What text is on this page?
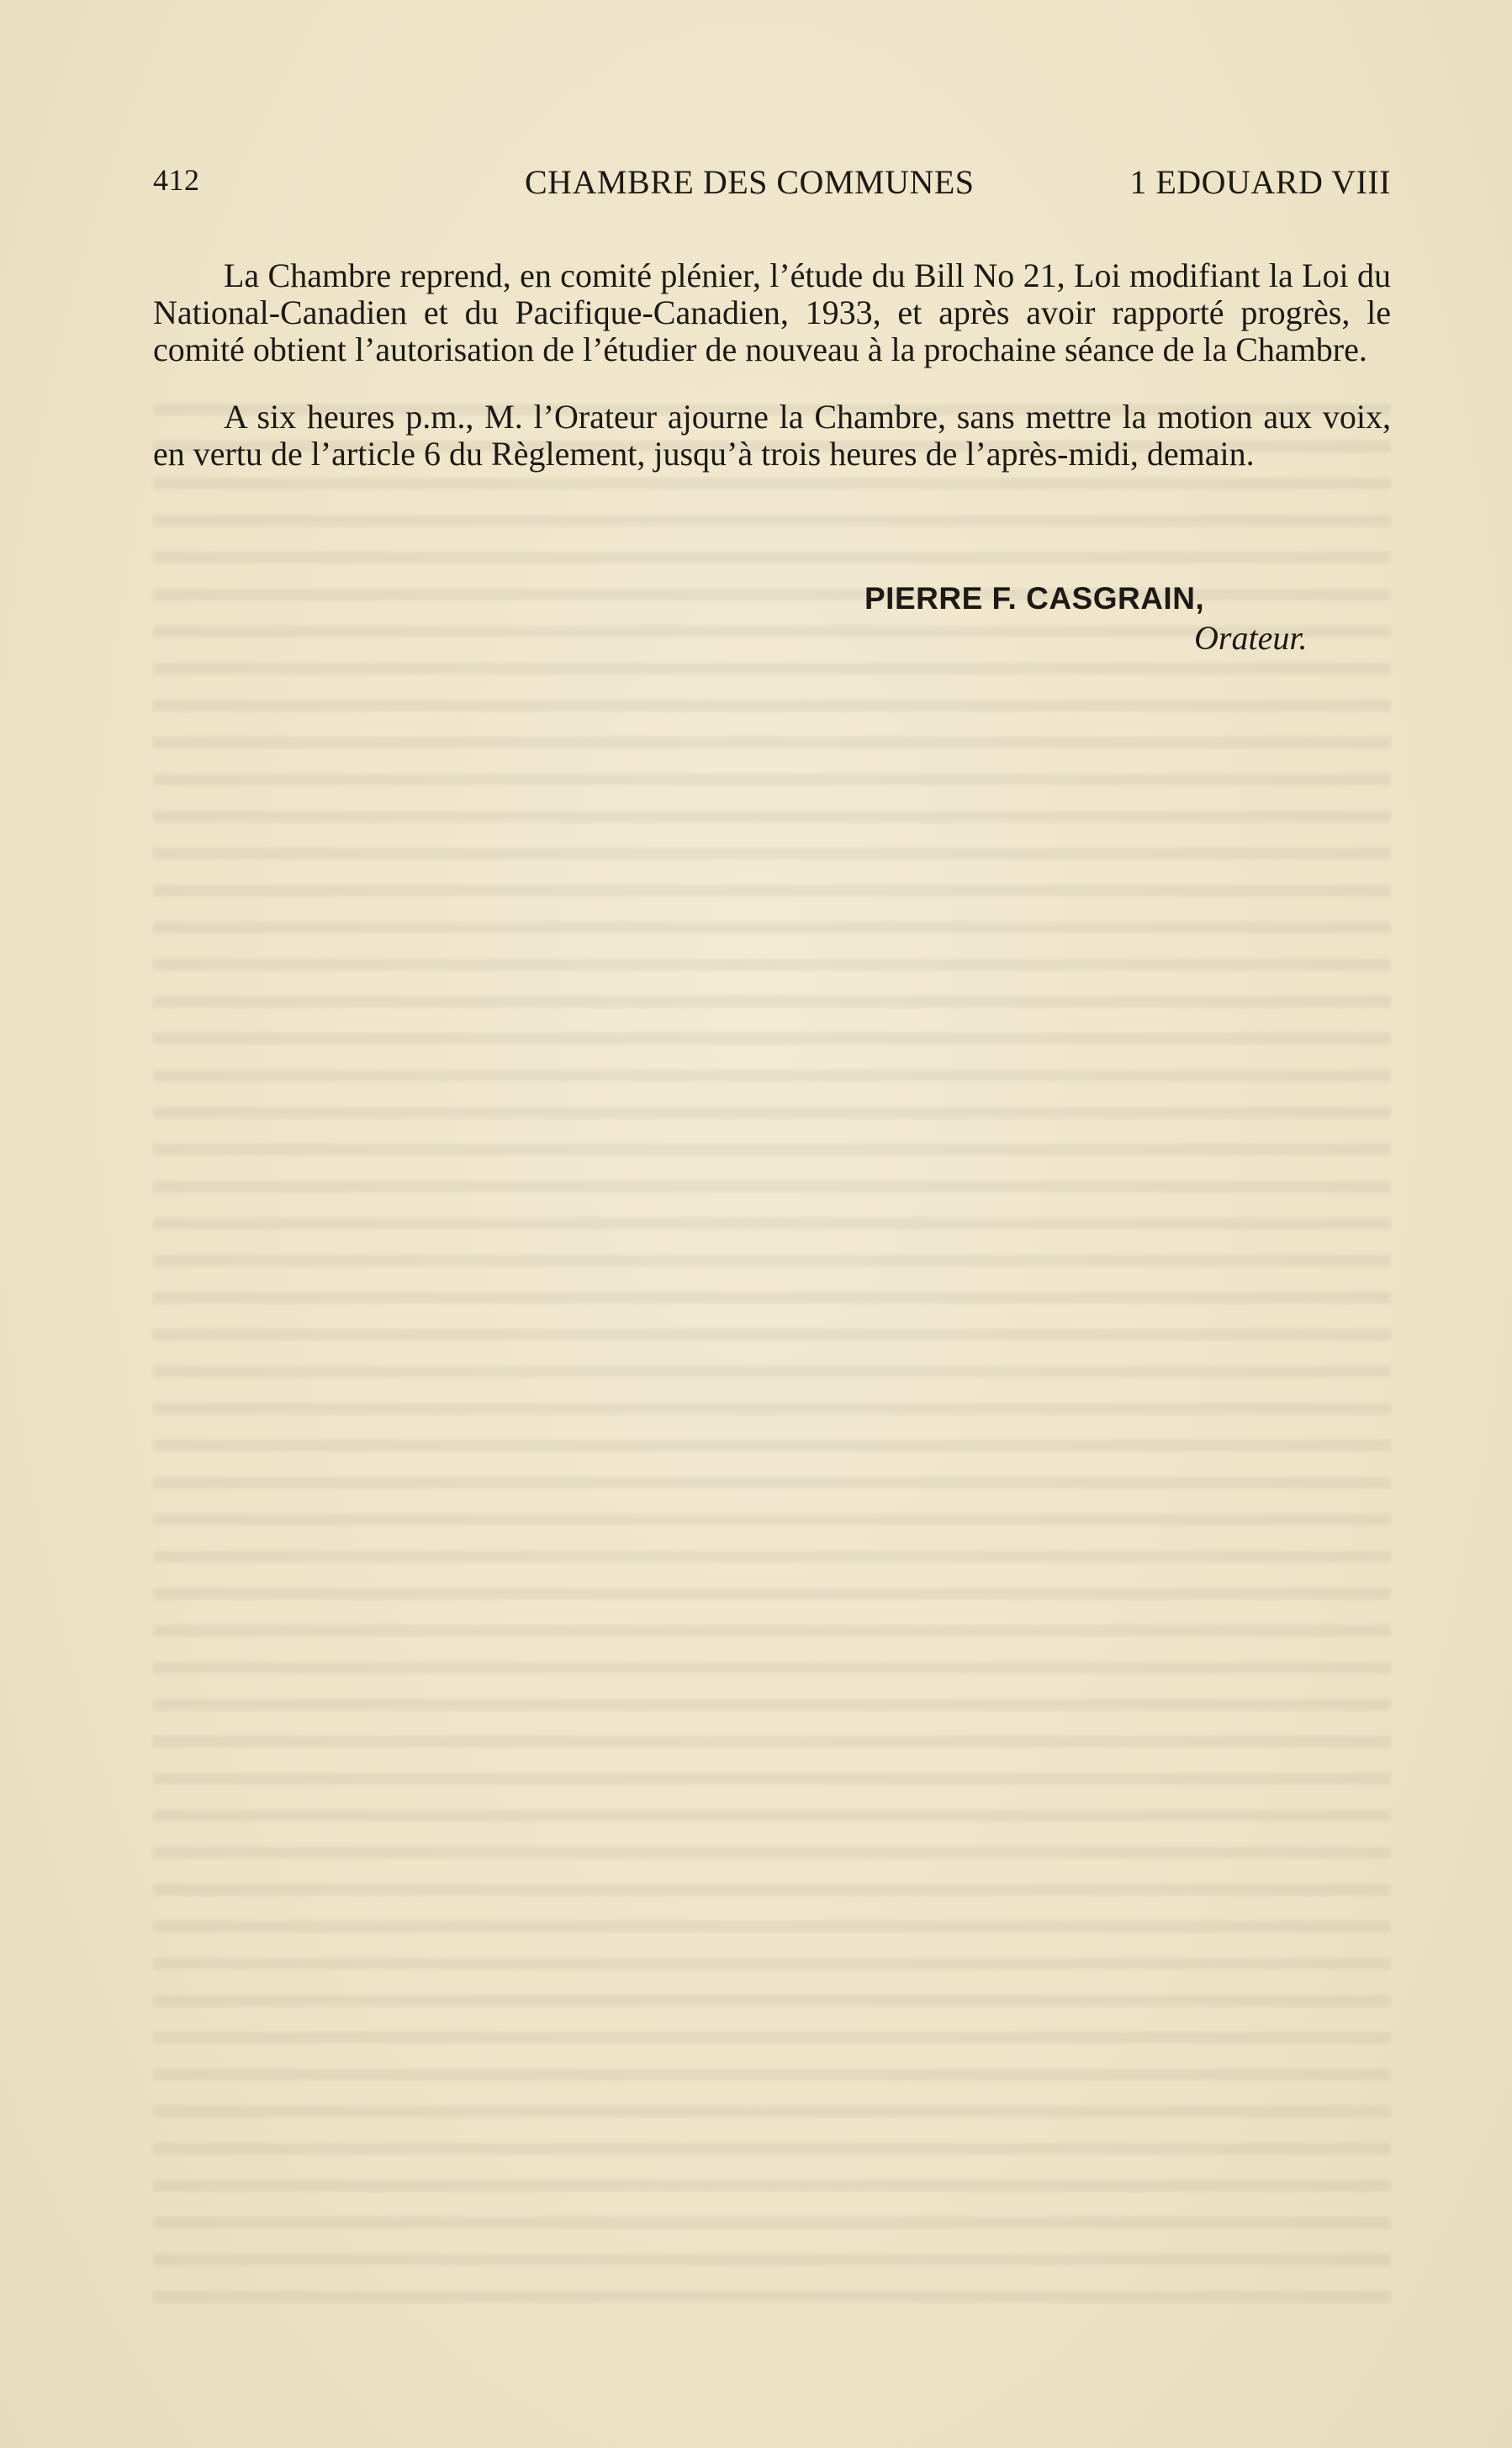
412	CHAMBRE DES COMMUNES	1 EDOUARD VIII

La Chambre reprend, en comité plénier, l’étude du Bill No 21, Loi modifiant la Loi du National-Canadien et du Pacifique-Canadien, 1933, et après avoir rapporté progrès, le comité obtient l’autorisation de l’étudier de nouveau à la prochaine séance de la Chambre.

A six heures p.m., M. l’Orateur ajourne la Chambre, sans mettre la motion aux voix, en vertu de l’article 6 du Règlement, jusqu’à trois heures de l’après-midi, demain.

PIERRE F. CASGRAIN,
Orateur.
